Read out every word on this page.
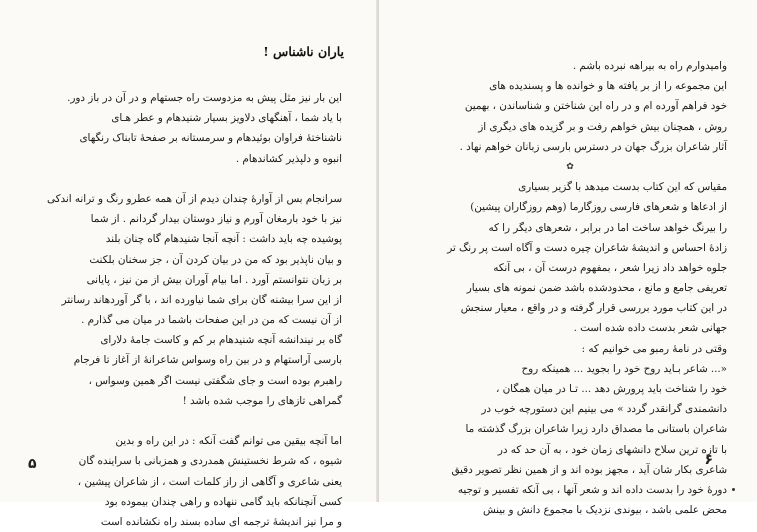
یاران ناشناس !
این بار نیز مثل پیش به مزدوست راه جستهام و در آن در باز دور.
با یاد شما ، آهنگهای دلاویز بسیار شنیدهام و عطر هـای
ناشناختهٔ فراوان بوئیدهام و سرمستانه بر صفحهٔ تابناک رنگهای
انبوه و دلپذیر کشاندهام .
سرانجام بس از آوارهٔ چندان دیدم از آن همه عطرو رنگ و ترانه اندکی
نیز با خود بارمغان آورم و نیاز دوستان بیدار گردانم . از شما
پوشیده چه باید داشت : آنچه آنجا شنیدهام گاه چنان بلند
و بیان ناپذیر بود که من در بیان کردن آن ، جز سخنان بلکنت
بر زبان نتوانستم آورد . اما بیام آوران بیش از من نیز ، پایانی
از این سرا بیشنه گان برای شما نیاورده اند ، با گر آوردهاند رسانتر
از آن نیست که من در این صفحات باشما در میان می گذارم .
گاه بر نیندانشه آنچه شنیدهام بر کم و کاست جامهٔ دلارای
بارسی آراستهام و در بین راه وسواس شاعرانهٔ از آغاز تا فرجام
راهبرم بوده است و جای شگفتی نیست اگر همین وسواس ،
گمراهی تازهای را موجب شده باشد !
اما آنچه بیقین می توانم گفت آنکه : در این راه و بدین
شیوه ، که شرط نخستینش همدردی و همزبانی با سراینده گان
یعنی شاعری و آگاهی از راز کلمات است ، از شاعران پیشین ،
کسی آنچنانکه باید گامی ننهاده و راهی چندان بیموده بود
و مرا نیز اندیشهٔ ترجمه ای ساده بسند راه نکشانده است
۵
وامیدوارم راه به بیراهه نبرده باشم .
این مجموعه را از بر یافته ها و خوانده ها و پسندیده های
خود فراهم آورده ام و در راه این شناختن و شناساندن ، بهمین
روش ، همچنان بیش خواهم رفت و بر گزیده های دیگری از
آثار شاعران بزرگ جهان در دسترس بارسی زبانان خواهم نهاد .
✿
مقیاس که این کتاب بدست میدهد با گزیر بسیاری
از ادعاها و شعرهای فارسی روزگارما (وهم روزگاران پیشین)
را بیرنگ خواهد ساخت اما در برابر ، شعرهای دیگر را که
زادهٔ احساس و اندیشهٔ شاعران چیره دست و آگاه است پر رنگ تر
جلوه خواهد داد زیرا شعر ، بمفهوم درست آن ، بی آنکه
تعریفی جامع و مانع ، محدودشده باشد ضمن نمونه های بسیار
در این کتاب مورد بررسی قرار گرفته و در واقع ، معیار سنجش
جهانی شعر بدست داده شده است .
وقتی در نامهٔ رمبو می خوانیم که :
«... شاعر بـاید روح خود را بجوید ... همینکه روح
خود را شناخت باید پرورش دهد ... تـا در میان همگان ،
دانشمندی گرانقدر گردد » می بینیم این دستورچه خوب در
شاعران باستانی ما مصداق دارد زیرا شاعران بزرگ گذشته ما
با تازه ترین سلاح دانشهای زمان خود ، به آن حد که در
شاعری بکار شان آید ، مجهز بوده اند و از همین نظر تصویر دقیق
دورهٔ خود را بدست داده اند و شعر آنها ، بی آنکه تفسیر و توجیه
محض علمی باشد ، بیوندی نزدیک با مجموع دانش و بینش
۶
